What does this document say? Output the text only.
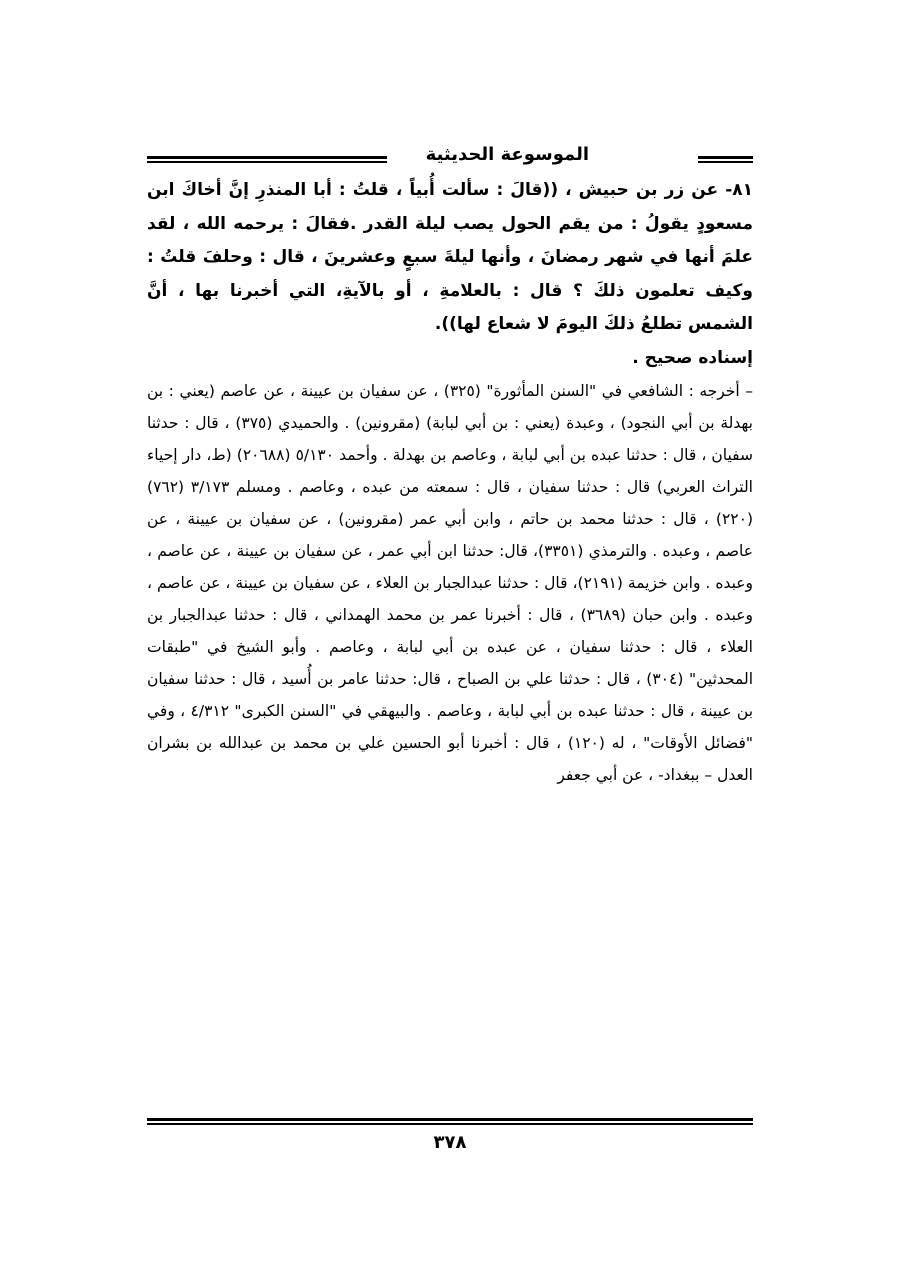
الموسوعة الحديثية

٨١- عن زر بن حبيش ، ((قالَ : سألت أُبياً ، قلتُ : أبا المنذرِ إنَّ أخاكَ ابن مسعودٍ يقولُ : من يقم الحول يصب ليلة القدر .فقالَ : يرحمه الله ، لقد علمَ أنها في شهر رمضانَ ، وأنها ليلةَ سبعٍ وعشرينَ ، قال : وحلفَ قلتُ : وكيف تعلمون ذلكَ ؟ قال : بالعلامةِ ، أو بالآيةِ، التي أخبرنا بها ، أنَّ الشمس تطلعُ ذلكَ اليومَ لا شعاع لها)).

إسناده صحيح .

– أخرجه : الشافعي في "السنن المأثورة" (٣٢٥) ، عن سفيان بن عيينة ، عن عاصم (يعني : بن بهدلة بن أبي النجود) ، وعبدة (يعني : بن أبي لبابة) (مقرونين) . والحميدي (٣٧٥) ، قال : حدثنا سفيان ، قال : حدثنا عبده بن أبي لبابة ، وعاصم بن بهدلة . وأحمد ٥/١٣٠ (٢٠٦٨٨) (ط، دار إحياء التراث العربي) قال : حدثنا سفيان ، قال : سمعته من عبده ، وعاصم . ومسلم ٣/١٧٣ (٧٦٢) (٢٢٠) ، قال : حدثنا محمد بن حاتم ، وابن أبي عمر (مقرونين) ، عن سفيان بن عيينة ، عن عاصم ، وعبده . والترمذي (٣٣٥١)، قال: حدثنا ابن أبي عمر ، عن سفيان بن عيينة ، عن عاصم ، وعبده . وابن خزيمة (٢١٩١)، قال : حدثنا عبدالجبار بن العلاء ، عن سفيان بن عيينة ، عن عاصم ، وعبده . وابن حبان (٣٦٨٩) ، قال : أخبرنا عمر بن محمد الهمداني ، قال : حدثنا عبدالجبار بن العلاء ، قال : حدثنا سفيان ، عن عبده بن أبي لبابة ، وعاصم . وأبو الشيخ في "طبقات المحدثين" (٣٠٤) ، قال : حدثنا علي بن الصباح ، قال: حدثنا عامر بن أُسيد ، قال : حدثنا سفيان بن عيينة ، قال : حدثنا عبده بن أبي لبابة ، وعاصم . والبيهقي في "السنن الكبرى" ٤/٣١٢ ، وفي "فضائل الأوقات" ، له (١٢٠) ، قال : أخبرنا أبو الحسين علي بن محمد بن عبدالله بن بشران العدل – ببغداد- ، عن أبي جعفر

٣٧٨
